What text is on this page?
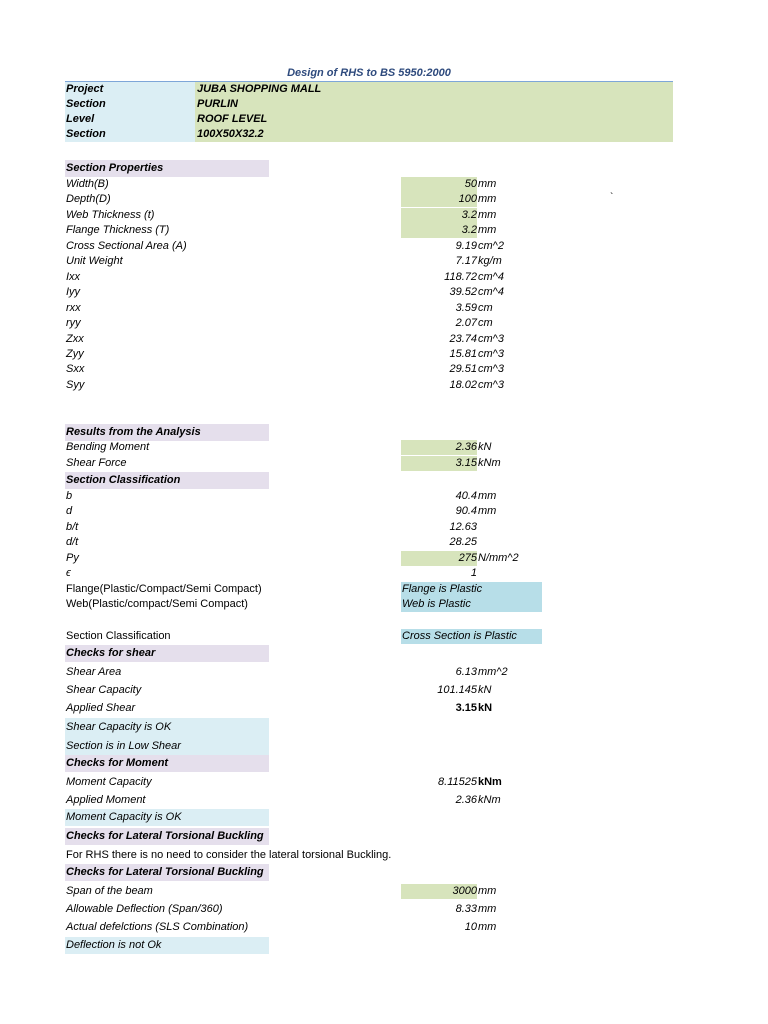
Design of RHS to BS 5950:2000
Project	JUBA SHOPPING MALL
Section	PURLIN
Level	ROOF LEVEL
Section	100X50X32.2
Section Properties
Width(B)	50 mm
Depth(D)	100 mm	`
Web Thickness (t)	3.2 mm
Flange Thickness (T)	3.2 mm
Cross Sectional Area (A)	9.19 cm^2
Unit Weight	7.17 kg/m
Ixx	118.72 cm^4
Iyy	39.52 cm^4
rxx	3.59 cm
ryy	2.07 cm
Zxx	23.74 cm^3
Zyy	15.81 cm^3
Sxx	29.51 cm^3
Syy	18.02 cm^3
Results from the Analysis
Bending Moment	2.36 kN
Shear Force	3.15 kNm
Section Classification
b	40.4 mm
d	90.4 mm
b/t	12.63
d/t	28.25
Py	275 N/mm^2
ϵ	1
Flange(Plastic/Compact/Semi Compact)	Flange is Plastic
Web(Plastic/compact/Semi Compact)	Web is Plastic
Section Classification	Cross Section is Plastic
Checks for shear
Shear Area	6.13 mm^2
Shear Capacity	101.145 kN
Applied Shear	3.15 kN
Shear Capacity is OK
Section is in Low Shear
Checks for Moment
Moment Capacity	8.11525 kNm
Applied Moment	2.36 kNm
Moment Capacity is OK
Checks for Lateral Torsional Buckling
For RHS there is no need to consider the lateral torsional Buckling.
Checks for Lateral Torsional Buckling
Span of the beam	3000 mm
Allowable Deflection (Span/360)	8.33 mm
Actual defelctions (SLS Combination)	10 mm
Deflection is not Ok
